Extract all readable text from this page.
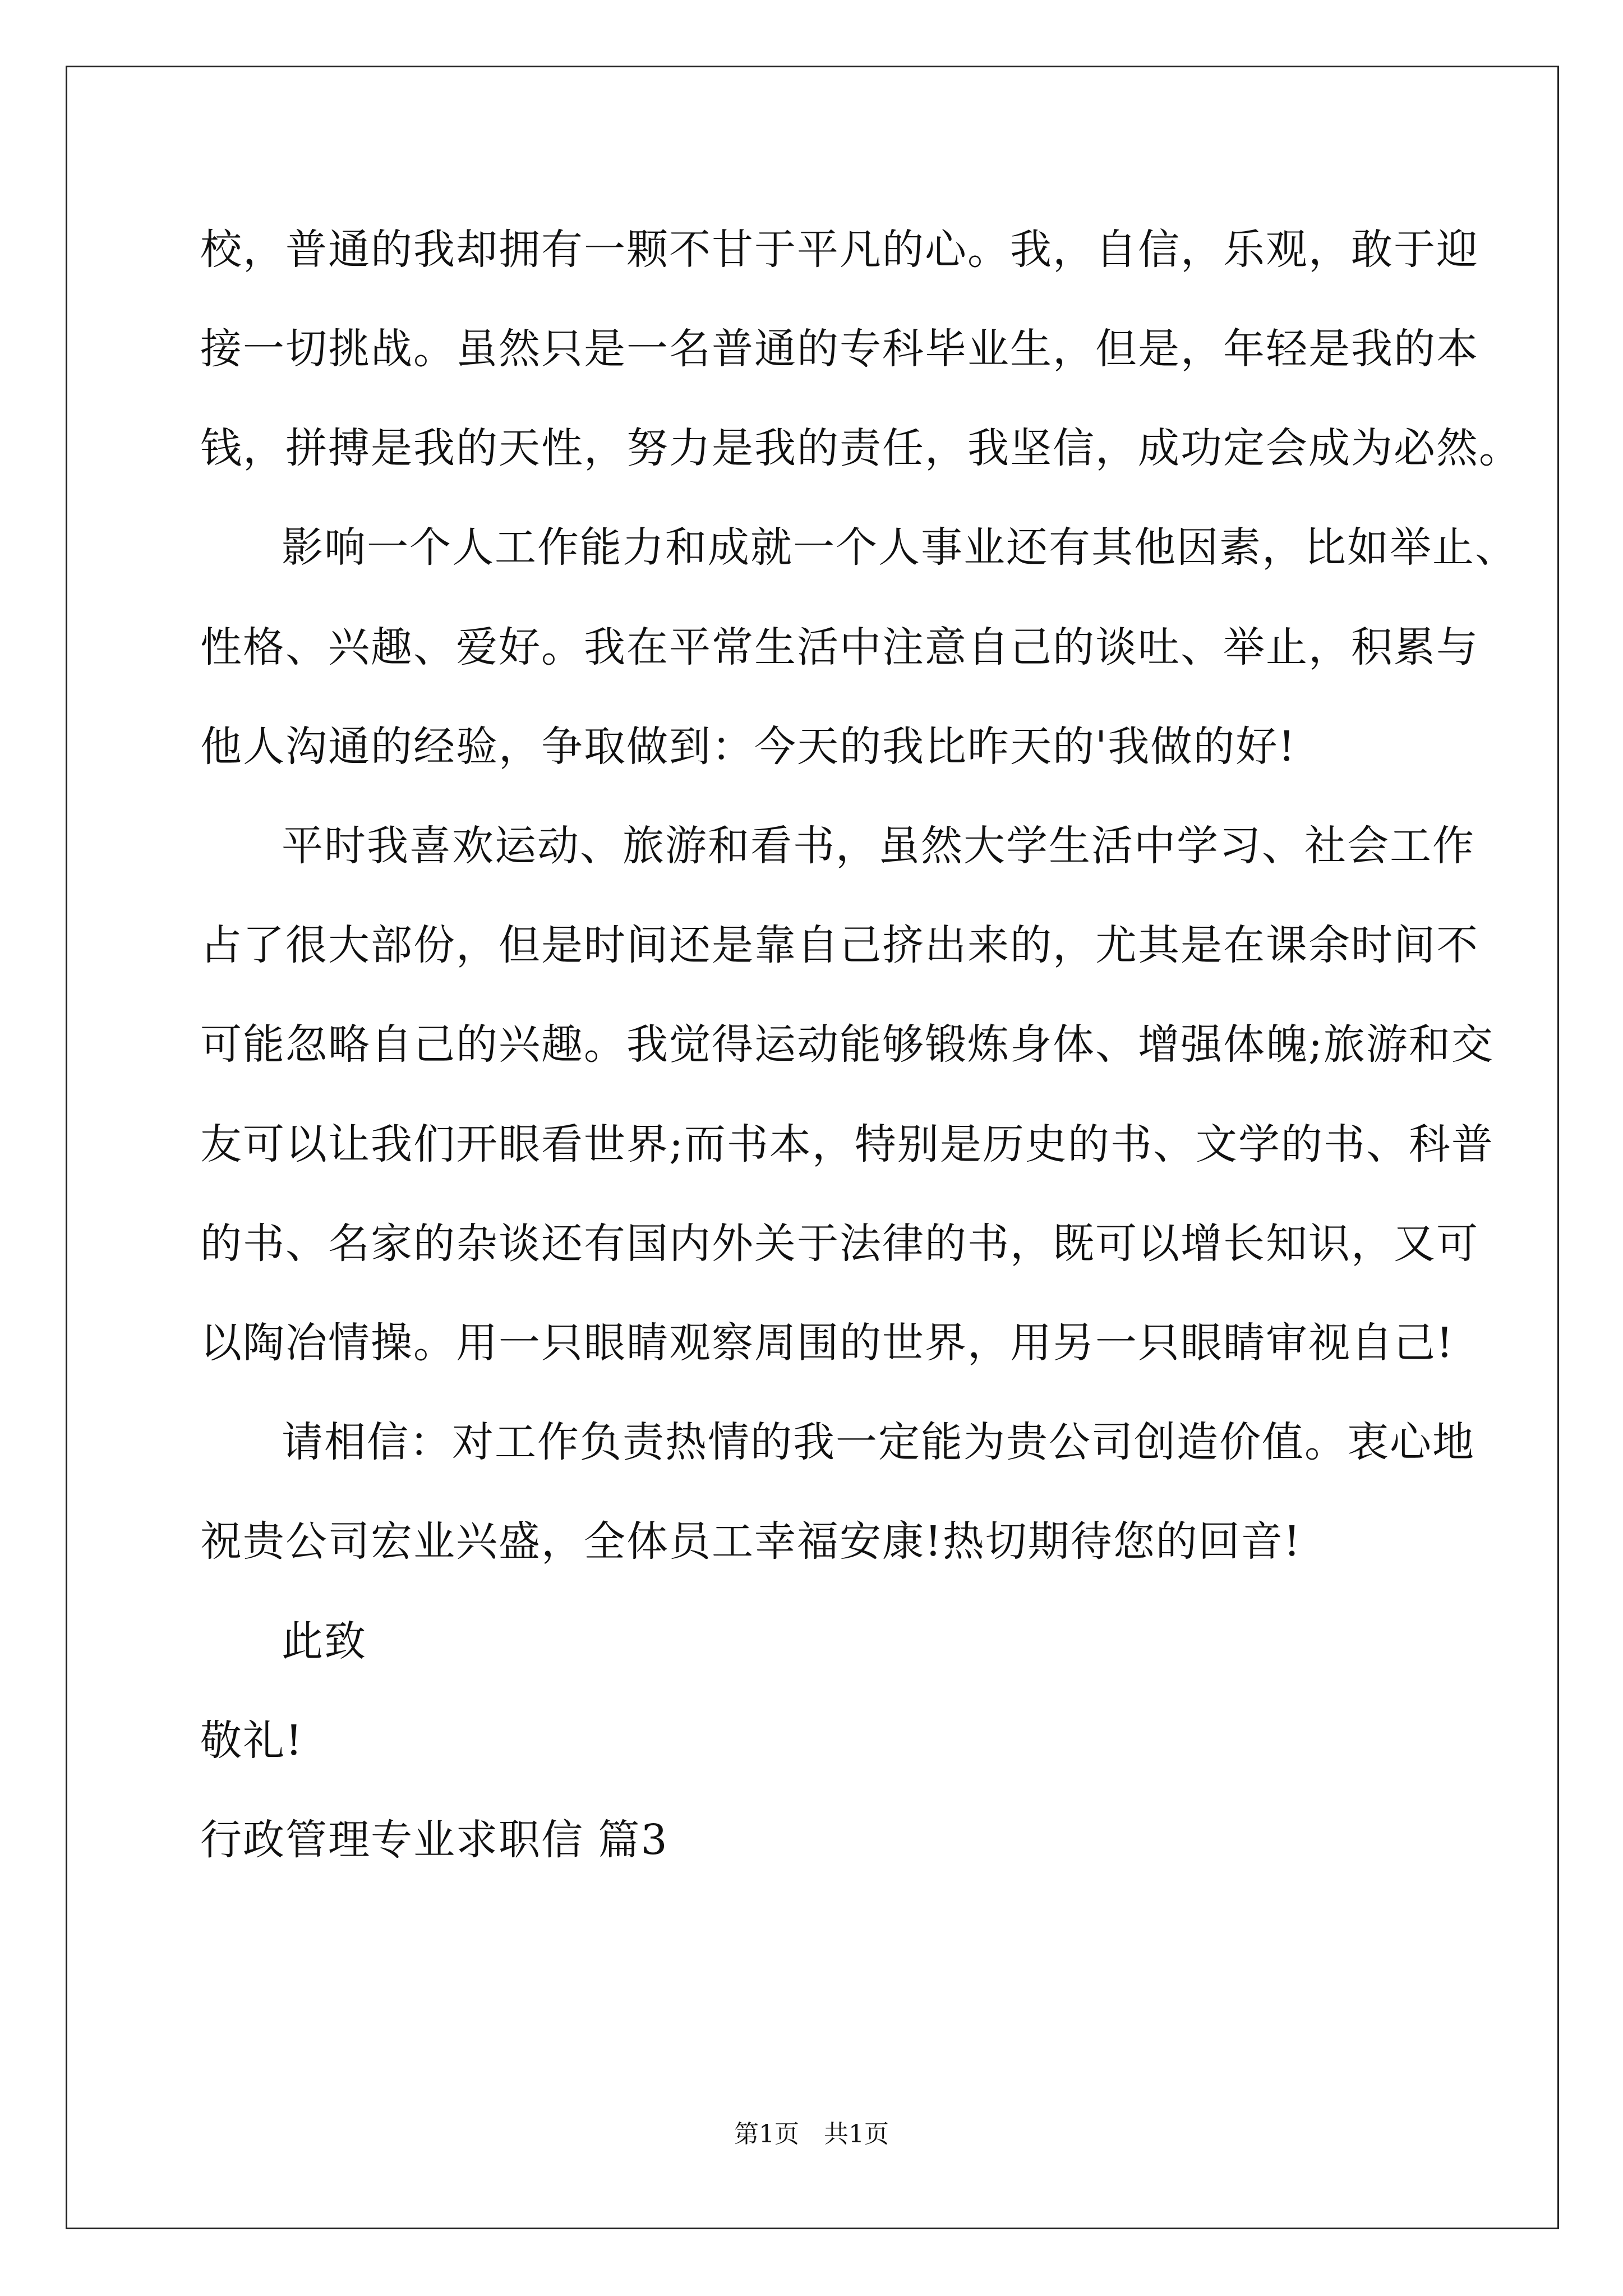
校，普通的我却拥有一颗不甘于平凡的心。我，自信，乐观，敢于迎
接一切挑战。虽然只是一名普通的专科毕业生，但是，年轻是我的本
钱，拼搏是我的天性，努力是我的责任，我坚信，成功定会成为必然。
影响一个人工作能力和成就一个人事业还有其他因素，比如举止、
性格、兴趣、爱好。我在平常生活中注意自己的谈吐、举止，积累与
他人沟通的经验，争取做到：今天的我比昨天的'我做的好!
平时我喜欢运动、旅游和看书，虽然大学生活中学习、社会工作
占了很大部份，但是时间还是靠自己挤出来的，尤其是在课余时间不
可能忽略自己的兴趣。我觉得运动能够锻炼身体、增强体魄;旅游和交
友可以让我们开眼看世界;而书本，特别是历史的书、文学的书、科普
的书、名家的杂谈还有国内外关于法律的书，既可以增长知识，又可
以陶冶情操。用一只眼睛观察周围的世界，用另一只眼睛审视自己!
请相信：对工作负责热情的我一定能为贵公司创造价值。衷心地
祝贵公司宏业兴盛，全体员工幸福安康!热切期待您的回音!
此致
敬礼!
行政管理专业求职信 篇3
第1页　共1页
